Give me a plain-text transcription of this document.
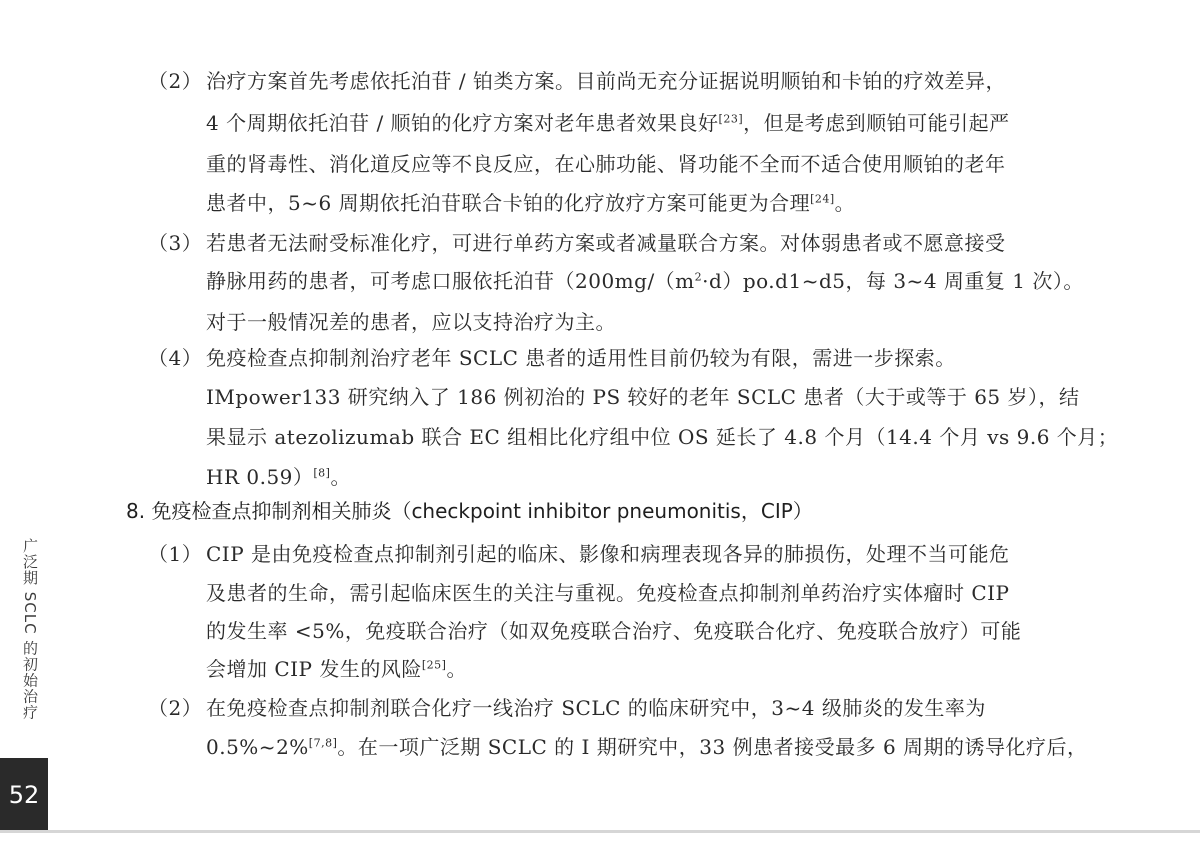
（2） 治疗方案首先考虑依托泊苷 / 铂类方案。目前尚无充分证据说明顺铂和卡铂的疗效差异，
4 个周期依托泊苷 / 顺铂的化疗方案对老年患者效果良好[23]，但是考虑到顺铂可能引起严
重的肾毒性、消化道反应等不良反应，在心肺功能、肾功能不全而不适合使用顺铂的老年
患者中，5~6 周期依托泊苷联合卡铂的化疗放疗方案可能更为合理[24]。
（3） 若患者无法耐受标准化疗，可进行单药方案或者减量联合方案。对体弱患者或不愿意接受
静脉用药的患者，可考虑口服依托泊苷（$200mg/(m^2\cdot d)po.d1\sim d5$，每 3~4 周重复 1 次）。
对于一般情况差的患者，应以支持治疗为主。
（4） 免疫检查点抑制剂治疗老年 SCLC 患者的适用性目前仍较为有限，需进一步探索。
IMpower133 研究纳入了 186 例初治的 PS 较好的老年 SCLC 患者（大于或等于 65 岁），结
果显示 atezolizumab 联合 EC 组相比化疗组中位 OS 延长了 4.8 个月（14.4 个月 vs 9.6 个月；
HR 0.59）[8]。
8. 免疫检查点抑制剂相关肺炎（checkpoint inhibitor pneumonitis，CIP）
（1） CIP 是由免疫检查点抑制剂引起的临床、影像和病理表现各异的肺损伤，处理不当可能危
及患者的生命，需引起临床医生的关注与重视。免疫检查点抑制剂单药治疗实体瘤时 CIP
的发生率 <5%，免疫联合治疗（如双免疫联合治疗、免疫联合化疗、免疫联合放疗）可能
会增加 CIP 发生的风险[25]。
（2） 在免疫检查点抑制剂联合化疗一线治疗 SCLC 的临床研究中，3~4 级肺炎的发生率为
0.5%~2%[7,8]。在一项广泛期 SCLC 的 Ⅰ 期研究中，33 例患者接受最多 6 周期的诱导化疗后，
广泛期 SCLC 的初始治疗
52
